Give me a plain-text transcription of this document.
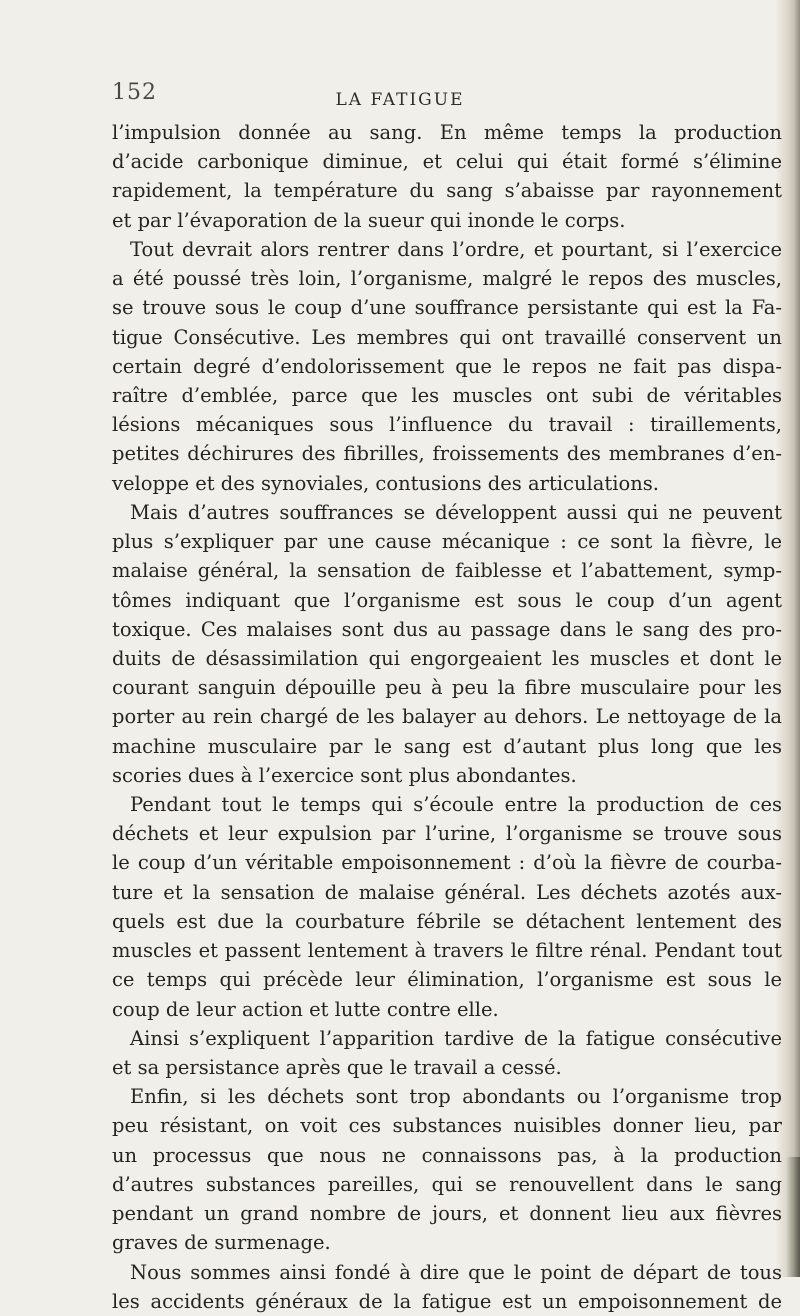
152	LA FATIGUE
l’impulsion donnée au sang. En même temps la production
d’acide carbonique diminue, et celui qui était formé s’élimine
rapidement, la température du sang s’abaisse par rayonnement
et par l’évaporation de la sueur qui inonde le corps.
Tout devrait alors rentrer dans l’ordre, et pourtant, si l’exercice
a été poussé très loin, l’organisme, malgré le repos des muscles,
se trouve sous le coup d’une souffrance persistante qui est la Fa-
tigue Consécutive. Les membres qui ont travaillé conservent un
certain degré d’endolorissement que le repos ne fait pas dispa-
raître d’emblée, parce que les muscles ont subi de véritables
lésions mécaniques sous l’influence du travail : tiraillements,
petites déchirures des fibrilles, froissements des membranes d’en-
veloppe et des synoviales, contusions des articulations.
Mais d’autres souffrances se développent aussi qui ne peuvent
plus s’expliquer par une cause mécanique : ce sont la fièvre, le
malaise général, la sensation de faiblesse et l’abattement, symp-
tômes indiquant que l’organisme est sous le coup d’un agent
toxique. Ces malaises sont dus au passage dans le sang des pro-
duits de désassimilation qui engorgeaient les muscles et dont le
courant sanguin dépouille peu à peu la fibre musculaire pour les
porter au rein chargé de les balayer au dehors. Le nettoyage de la
machine musculaire par le sang est d’autant plus long que les
scories dues à l’exercice sont plus abondantes.
Pendant tout le temps qui s’écoule entre la production de ces
déchets et leur expulsion par l’urine, l’organisme se trouve sous
le coup d’un véritable empoisonnement : d’où la fièvre de courba-
ture et la sensation de malaise général. Les déchets azotés aux-
quels est due la courbature fébrile se détachent lentement des
muscles et passent lentement à travers le filtre rénal. Pendant tout
ce temps qui précède leur élimination, l’organisme est sous le
coup de leur action et lutte contre elle.
Ainsi s’expliquent l’apparition tardive de la fatigue consécutive
et sa persistance après que le travail a cessé.
Enfin, si les déchets sont trop abondants ou l’organisme trop
peu résistant, on voit ces substances nuisibles donner lieu, par
un processus que nous ne connaissons pas, à la production
d’autres substances pareilles, qui se renouvellent dans le sang
pendant un grand nombre de jours, et donnent lieu aux fièvres
graves de surmenage.
Nous sommes ainsi fondé à dire que le point de départ de tous
les accidents généraux de la fatigue est un empoisonnement de
